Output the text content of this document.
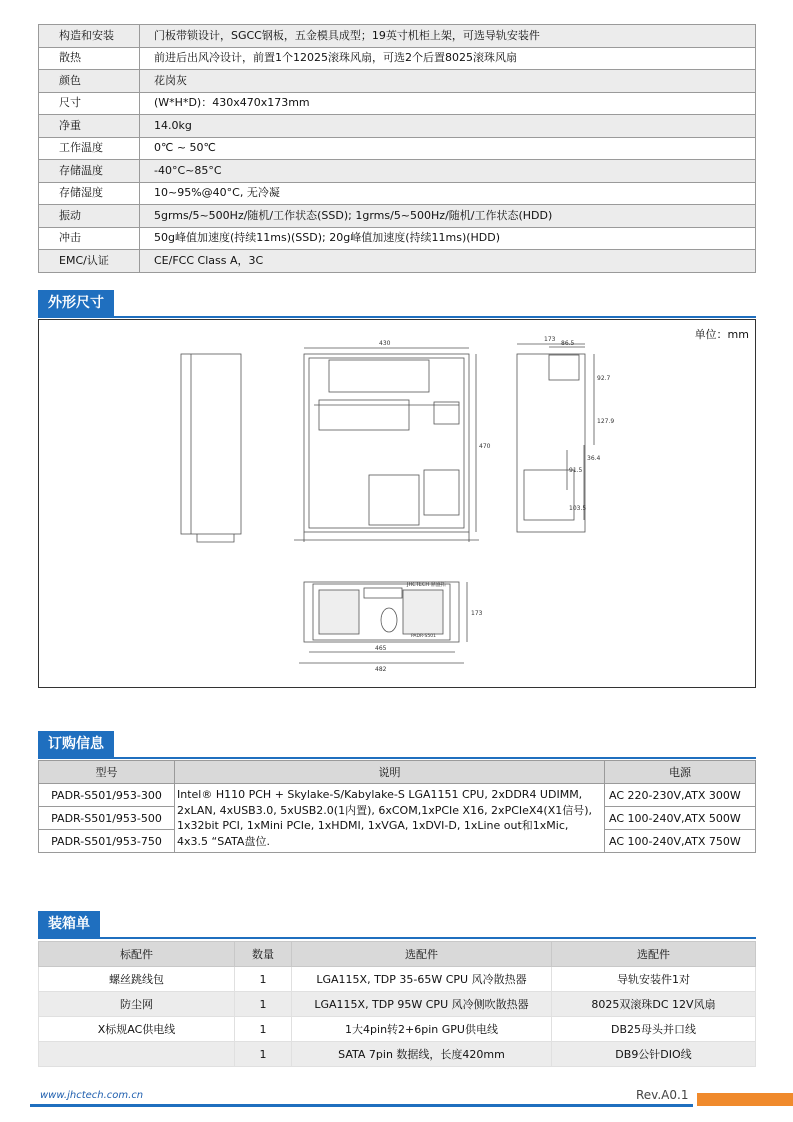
构造和安装	门板带锁设计，SGCC钢板，五金模具成型；19英寸机柜上架，可选导轨安装件
散热	前进后出风冷设计，前置1个12025滚珠风扇，可选2个后置8025滚珠风扇
颜色	花岗灰
尺寸	(W*H*D)：430x470x173mm
净重	14.0kg
工作温度	0℃ ~ 50℃
存储温度	-40°C~85°C
存储湿度	10~95%@40°C, 无冷凝
振动	5grms/5~500Hz/随机/工作状态(SSD); 1grms/5~500Hz/随机/工作状态(HDD)
冲击	50g峰值加速度(持续11ms)(SSD); 20g峰值加速度(持续11ms)(HDD)
EMC/认证	CE/FCC Class A，3C
外形尺寸
单位：mm
430
470
173
86.5
92.7
127.9
36.4
91.5
103.5
465
482
173
JHCTECH 鼎盛拓
PADR-S501
订购信息
型号	说明	电源
PADR-S501/953-300	Intel® H110 PCH + Skylake-S/Kabylake-S LGA1151 CPU, 2xDDR4 UDIMM, 2xLAN, 4xUSB3.0, 5xUSB2.0(1内置), 6xCOM,1xPCIe X16, 2xPCIeX4(X1信号), 1x32bit PCI, 1xMini PCIe, 1xHDMI, 1xVGA, 1xDVI-D, 1xLine out和1xMic, 4x3.5 “SATA盘位.	AC 220-230V,ATX 300W
PADR-S501/953-500		AC 100-240V,ATX 500W
PADR-S501/953-750		AC 100-240V,ATX 750W
装箱单
标配件	数量	选配件	选配件
螺丝跳线包	1	LGA115X, TDP 35-65W CPU 风冷散热器	导轨安装件1对
防尘网	1	LGA115X, TDP 95W CPU 风冷侧吹散热器	8025双滚珠DC 12V风扇
X标规AC供电线	1	1大4pin转2+6pin GPU供电线	DB25母头并口线
	1	SATA 7pin 数据线，长度420mm	DB9公针DIO线
www.jhctech.com.cn	Rev.A0.1
